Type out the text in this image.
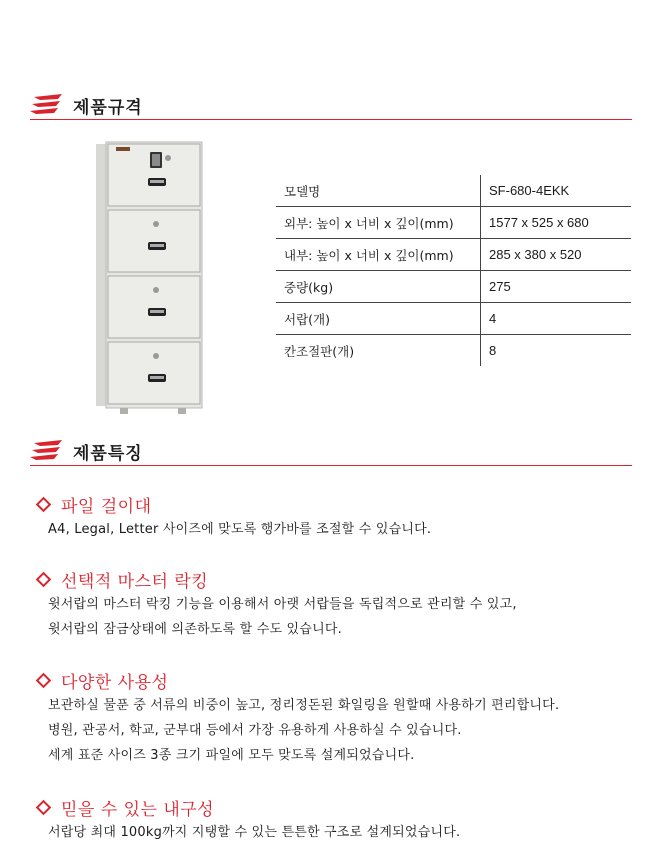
제품규격
모델명	SF-680-4EKK
외부: 높이 x 너비 x 깊이(mm)	1577 x 525 x 680
내부: 높이 x 너비 x 깊이(mm)	285 x 380 x 520
중량(kg)	275
서랍(개)	4
칸조절판(개)	8
제품특징
파일 걸이대
A4, Legal, Letter 사이즈에 맞도록 행가바를 조절할 수 있습니다.
선택적 마스터 락킹
윗서랍의 마스터 락킹 기능을 이용해서 아랫 서랍들을 독립적으로 관리할 수 있고,
윗서랍의 잠금상태에 의존하도록 할 수도 있습니다.
다양한 사용성
보관하실 물푼 중 서류의 비중이 높고, 정리정돈된 화일링을 원할때 사용하기 편리합니다.
병원, 관공서, 학교, 군부대 등에서 가장 유용하게 사용하실 수 있습니다.
세계 표준 사이즈 3종 크기 파일에 모두 맞도록 설계되었습니다.
믿을 수 있는 내구성
서랍당 최대 100kg까지 지탱할 수 있는 튼튼한 구조로 설계되었습니다.
